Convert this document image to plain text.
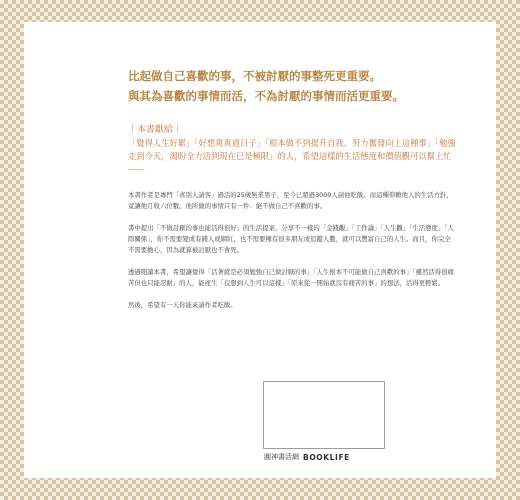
比起做自己喜歡的事，不被討厭的事整死更重要。
與其為喜歡的事情而活，不為討厭的事情而活更重要。
｜本書獻給｜
「覺得人生好累」「好想爽爽過日子」「根本做不到提升自我、努力奮發向上這種事」「勉強走到今天，渴盼全力活到現在已是極限」的人，希望這樣的生活態度和價值觀可以幫上忙——
本書作者是專門「喜別人請客」過活的25歲無業男子，至今已超過3000人請他吃飯。而這種仰賴他人的生活方針，竟讓他月收六位數。他所做的事情只有一件：絕不做自己不喜歡的事。
書中提出「不做討厭的事也能活得很好」的生活提案，分享不一樣的「金錢觀」「工作論」「人生觀」「生活態度」「人際關係」，你不需要變成有錢人或網紅，也不需要擁有很多朋友或追蹤人數，就可以豐富自己的人生。而且，你完全不需要擔心，因為就算被討厭也不會死。
透過閱讀本書，希望讓覺得「活著就是必須勉強自己做討厭的事」「人生根本不可能做自己喜歡的事」「雖然活得很痛苦但也只能忍耐」的人，能產生「沒想到人生可以這樣」「原來從一開始就沒有痛苦的事」的想法，活得更輕鬆。
然後，希望有一天你能來請作者吃飯。
圓神書活網 BOOKLIFE
